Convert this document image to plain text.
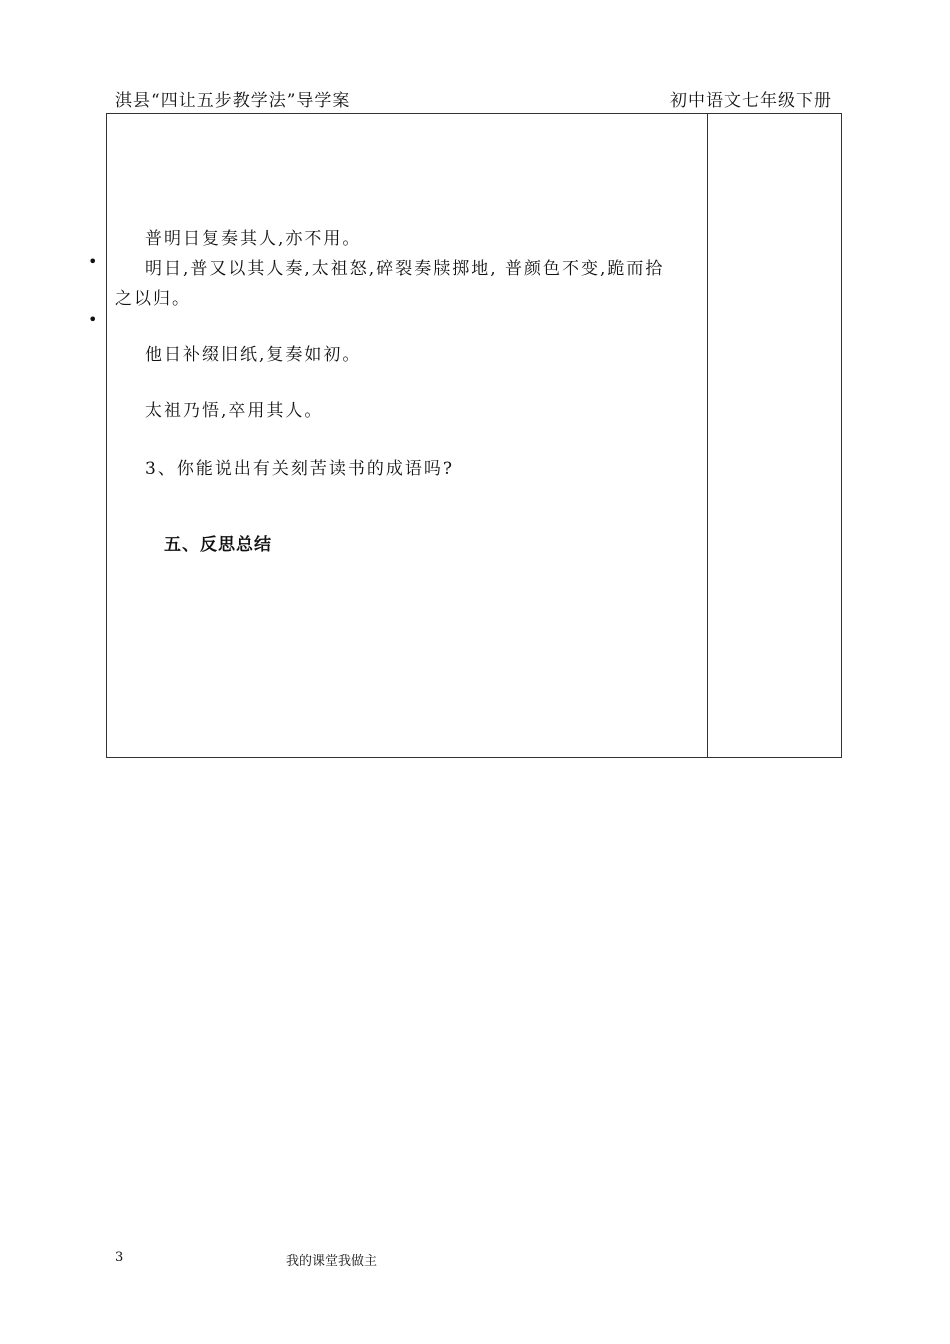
淇县“四让五步教学法”导学案	初中语文七年级下册
•
•
普明日复奏其人,亦不用。
明日,普又以其人奏,太祖怒,碎裂奏牍掷地, 普颜色不变,跪而拾
之以归。
他日补缀旧纸,复奏如初。
太祖乃悟,卒用其人。
3、你能说出有关刻苦读书的成语吗?
五、反思总结
3	我的课堂我做主
